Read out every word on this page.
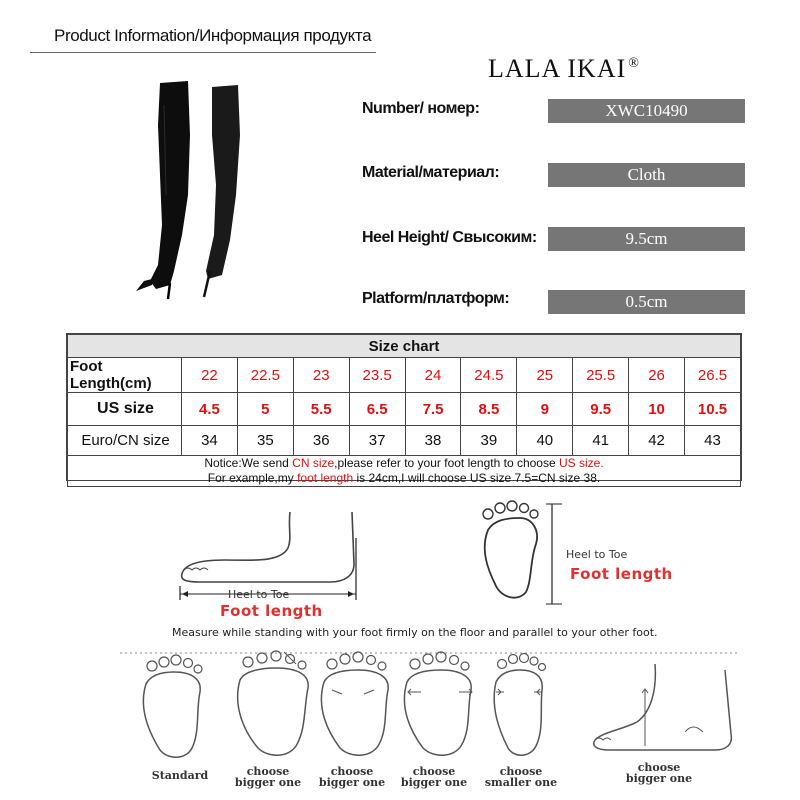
Product Information/Информация продукта
LALA IKAI ®
Number/ номер:	XWC10490
Material/материал:	Cloth
Heel Height/ Свысоким:	9.5cm
Platform/платформ:	0.5cm
Size chart										
Foot Length(cm)	22	22.5	23	23.5	24	24.5	25	25.5	26	26.5
US size	4.5	5	5.5	6.5	7.5	8.5	9	9.5	10	10.5
Euro/CN size	34	35	36	37	38	39	40	41	42	43

Notice:We send CN size,please refer to your foot length to choose US size.
For example,my foot length is 24cm,I will choose US size 7.5=CN size 38.										
Heel to Toe
Foot length
Heel to Toe
Foot length
Measure while standing with your foot firmly on the floor and parallel to your other foot.
Standard	choose
bigger one
choose
bigger one
choose
bigger one
choose
smaller one
choose
bigger one
